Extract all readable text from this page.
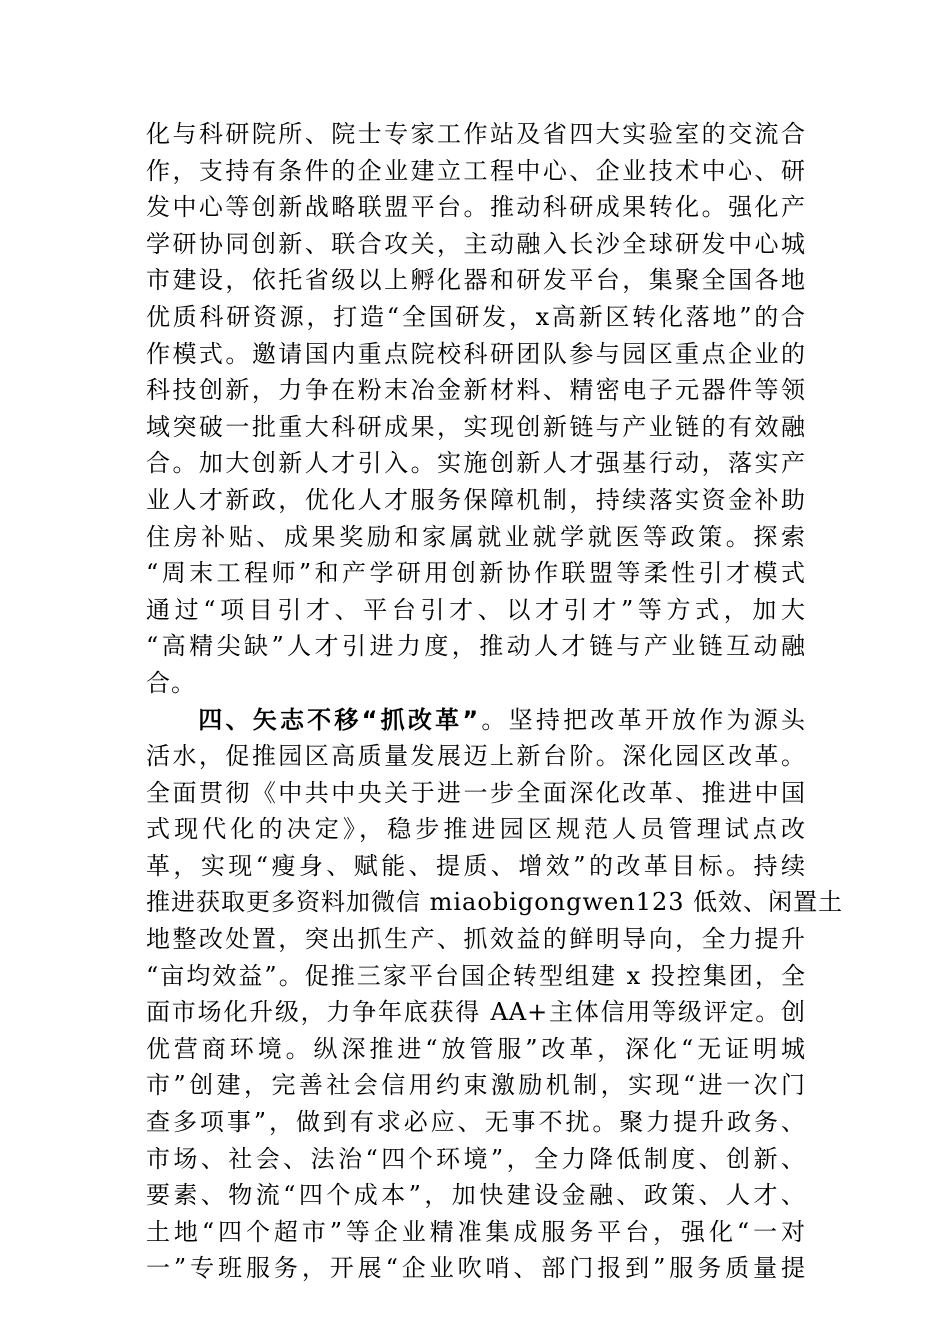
化与科研院所、院士专家工作站及省四大实验室的交流合
作，支持有条件的企业建立工程中心、企业技术中心、研
发中心等创新战略联盟平台。推动科研成果转化。强化产
学研协同创新、联合攻关，主动融入长沙全球研发中心城
市建设，依托省级以上孵化器和研发平台，集聚全国各地
优质科研资源，打造“全国研发，x高新区转化落地”的合
作模式。邀请国内重点院校科研团队参与园区重点企业的
科技创新，力争在粉末冶金新材料、精密电子元器件等领
域突破一批重大科研成果，实现创新链与产业链的有效融
合。加大创新人才引入。实施创新人才强基行动，落实产
业人才新政，优化人才服务保障机制，持续落实资金补助
住房补贴、成果奖励和家属就业就学就医等政策。探索
“周末工程师”和产学研用创新协作联盟等柔性引才模式
通过“项目引才、平台引才、以才引才”等方式，加大
“高精尖缺”人才引进力度，推动人才链与产业链互动融
合。
四、矢志不移“抓改革”。坚持把改革开放作为源头
活水，促推园区高质量发展迈上新台阶。深化园区改革。
全面贯彻《中共中央关于进一步全面深化改革、推进中国
式现代化的决定》，稳步推进园区规范人员管理试点改
革，实现“瘦身、赋能、提质、增效”的改革目标。持续
推进获取更多资料加微信 miaobigongwen123 低效、闲置土
地整改处置，突出抓生产、抓效益的鲜明导向，全力提升
“亩均效益”。促推三家平台国企转型组建 x 投控集团，全
面市场化升级，力争年底获得 AA+主体信用等级评定。创
优营商环境。纵深推进“放管服”改革，深化“无证明城
市”创建，完善社会信用约束激励机制，实现“进一次门
查多项事”，做到有求必应、无事不扰。聚力提升政务、
市场、社会、法治“四个环境”，全力降低制度、创新、
要素、物流“四个成本”，加快建设金融、政策、人才、
土地“四个超市”等企业精准集成服务平台，强化“一对
一”专班服务，开展“企业吹哨、部门报到”服务质量提
